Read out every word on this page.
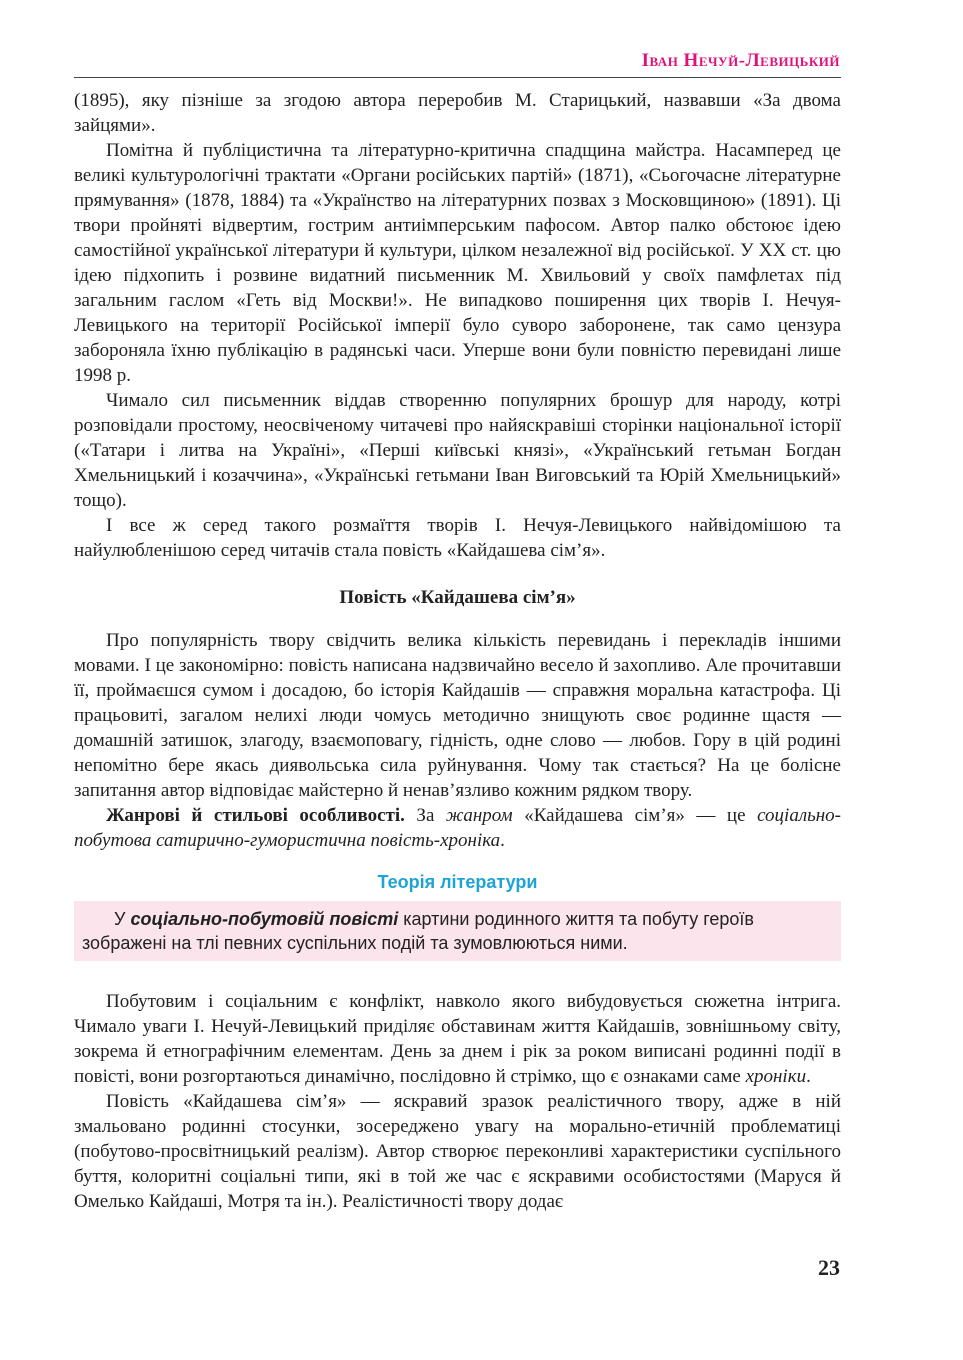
Іван Нечуй-Левицький

(1895), яку пізніше за згодою автора переробив М. Старицький, назвавши «За двома зайцями».

Помітна й публіцистична та літературно-критична спадщина майстра. Насамперед це великі культурологічні трактати «Органи російських партій» (1871), «Сьогочасне літературне прямування» (1878, 1884) та «Українство на літературних позвах з Московщиною» (1891). Ці твори пройняті відвертим, гострим антиімперським пафосом. Автор палко обстоює ідею самостійної української літератури й культури, цілком незалежної від російської. У XX ст. цю ідею підхопить і розвине видатний письменник М. Хвильовий у своїх памфлетах під загальним гаслом «Геть від Москви!». Не випадково поширення цих творів І. Нечуя-Левицького на території Російської імперії було суворо заборонене, так само цензура забороняла їхню публікацію в радянські часи. Уперше вони були повністю перевидані лише 1998 р.

Чимало сил письменник віддав створенню популярних брошур для народу, котрі розповідали простому, неосвіченому читачеві про найяскравіші сторінки національної історії («Татари і литва на Україні», «Перші київські князі», «Український гетьман Богдан Хмельницький і козаччина», «Українські гетьмани Іван Виговський та Юрій Хмельницький» тощо).

І все ж серед такого розмаїття творів І. Нечуя-Левицького найвідомішою та найулюбленішою серед читачів стала повість «Кайдашева сім’я».

Повість «Кайдашева сім’я»

Про популярність твору свідчить велика кількість перевидань і перекладів іншими мовами. І це закономірно: повість написана надзвичайно весело й захопливо. Але прочитавши її, проймаєшся сумом і досадою, бо історія Кайдашів — справжня моральна катастрофа. Ці працьовиті, загалом нелихі люди чомусь методично знищують своє родинне щастя — домашній затишок, злагоду, взаємоповагу, гідність, одне слово — любов. Гору в цій родині непомітно бере якась диявольська сила руйнування. Чому так стається? На це болісне запитання автор відповідає майстерно й ненав’язливо кожним рядком твору.

Жанрові й стильові особливості. За жанром «Кайдашева сім’я» — це соціально-побутова сатирично-гумористична повість-хроніка.

Теорія літератури
У соціально-побутовій повісті картини родинного життя та побуту героїв зображені на тлі певних суспільних подій та зумовлюються ними.

Побутовим і соціальним є конфлікт, навколо якого вибудовується сюжетна інтрига. Чимало уваги І. Нечуй-Левицький приділяє обставинам життя Кайдашів, зовнішньому світу, зокрема й етнографічним елементам. День за днем і рік за роком виписані родинні події в повісті, вони розгортаються динамічно, послідовно й стрімко, що є ознаками саме хроніки.

Повість «Кайдашева сім’я» — яскравий зразок реалістичного твору, адже в ній змальовано родинні стосунки, зосереджено увагу на морально-етичній проблематиці (побутово-просвітницький реалізм). Автор створює переконливі характеристики суспільного буття, колоритні соціальні типи, які в той же час є яскравими особистостями (Маруся й Омелько Кайдаші, Мотря та ін.). Реалістичності твору додає

23
